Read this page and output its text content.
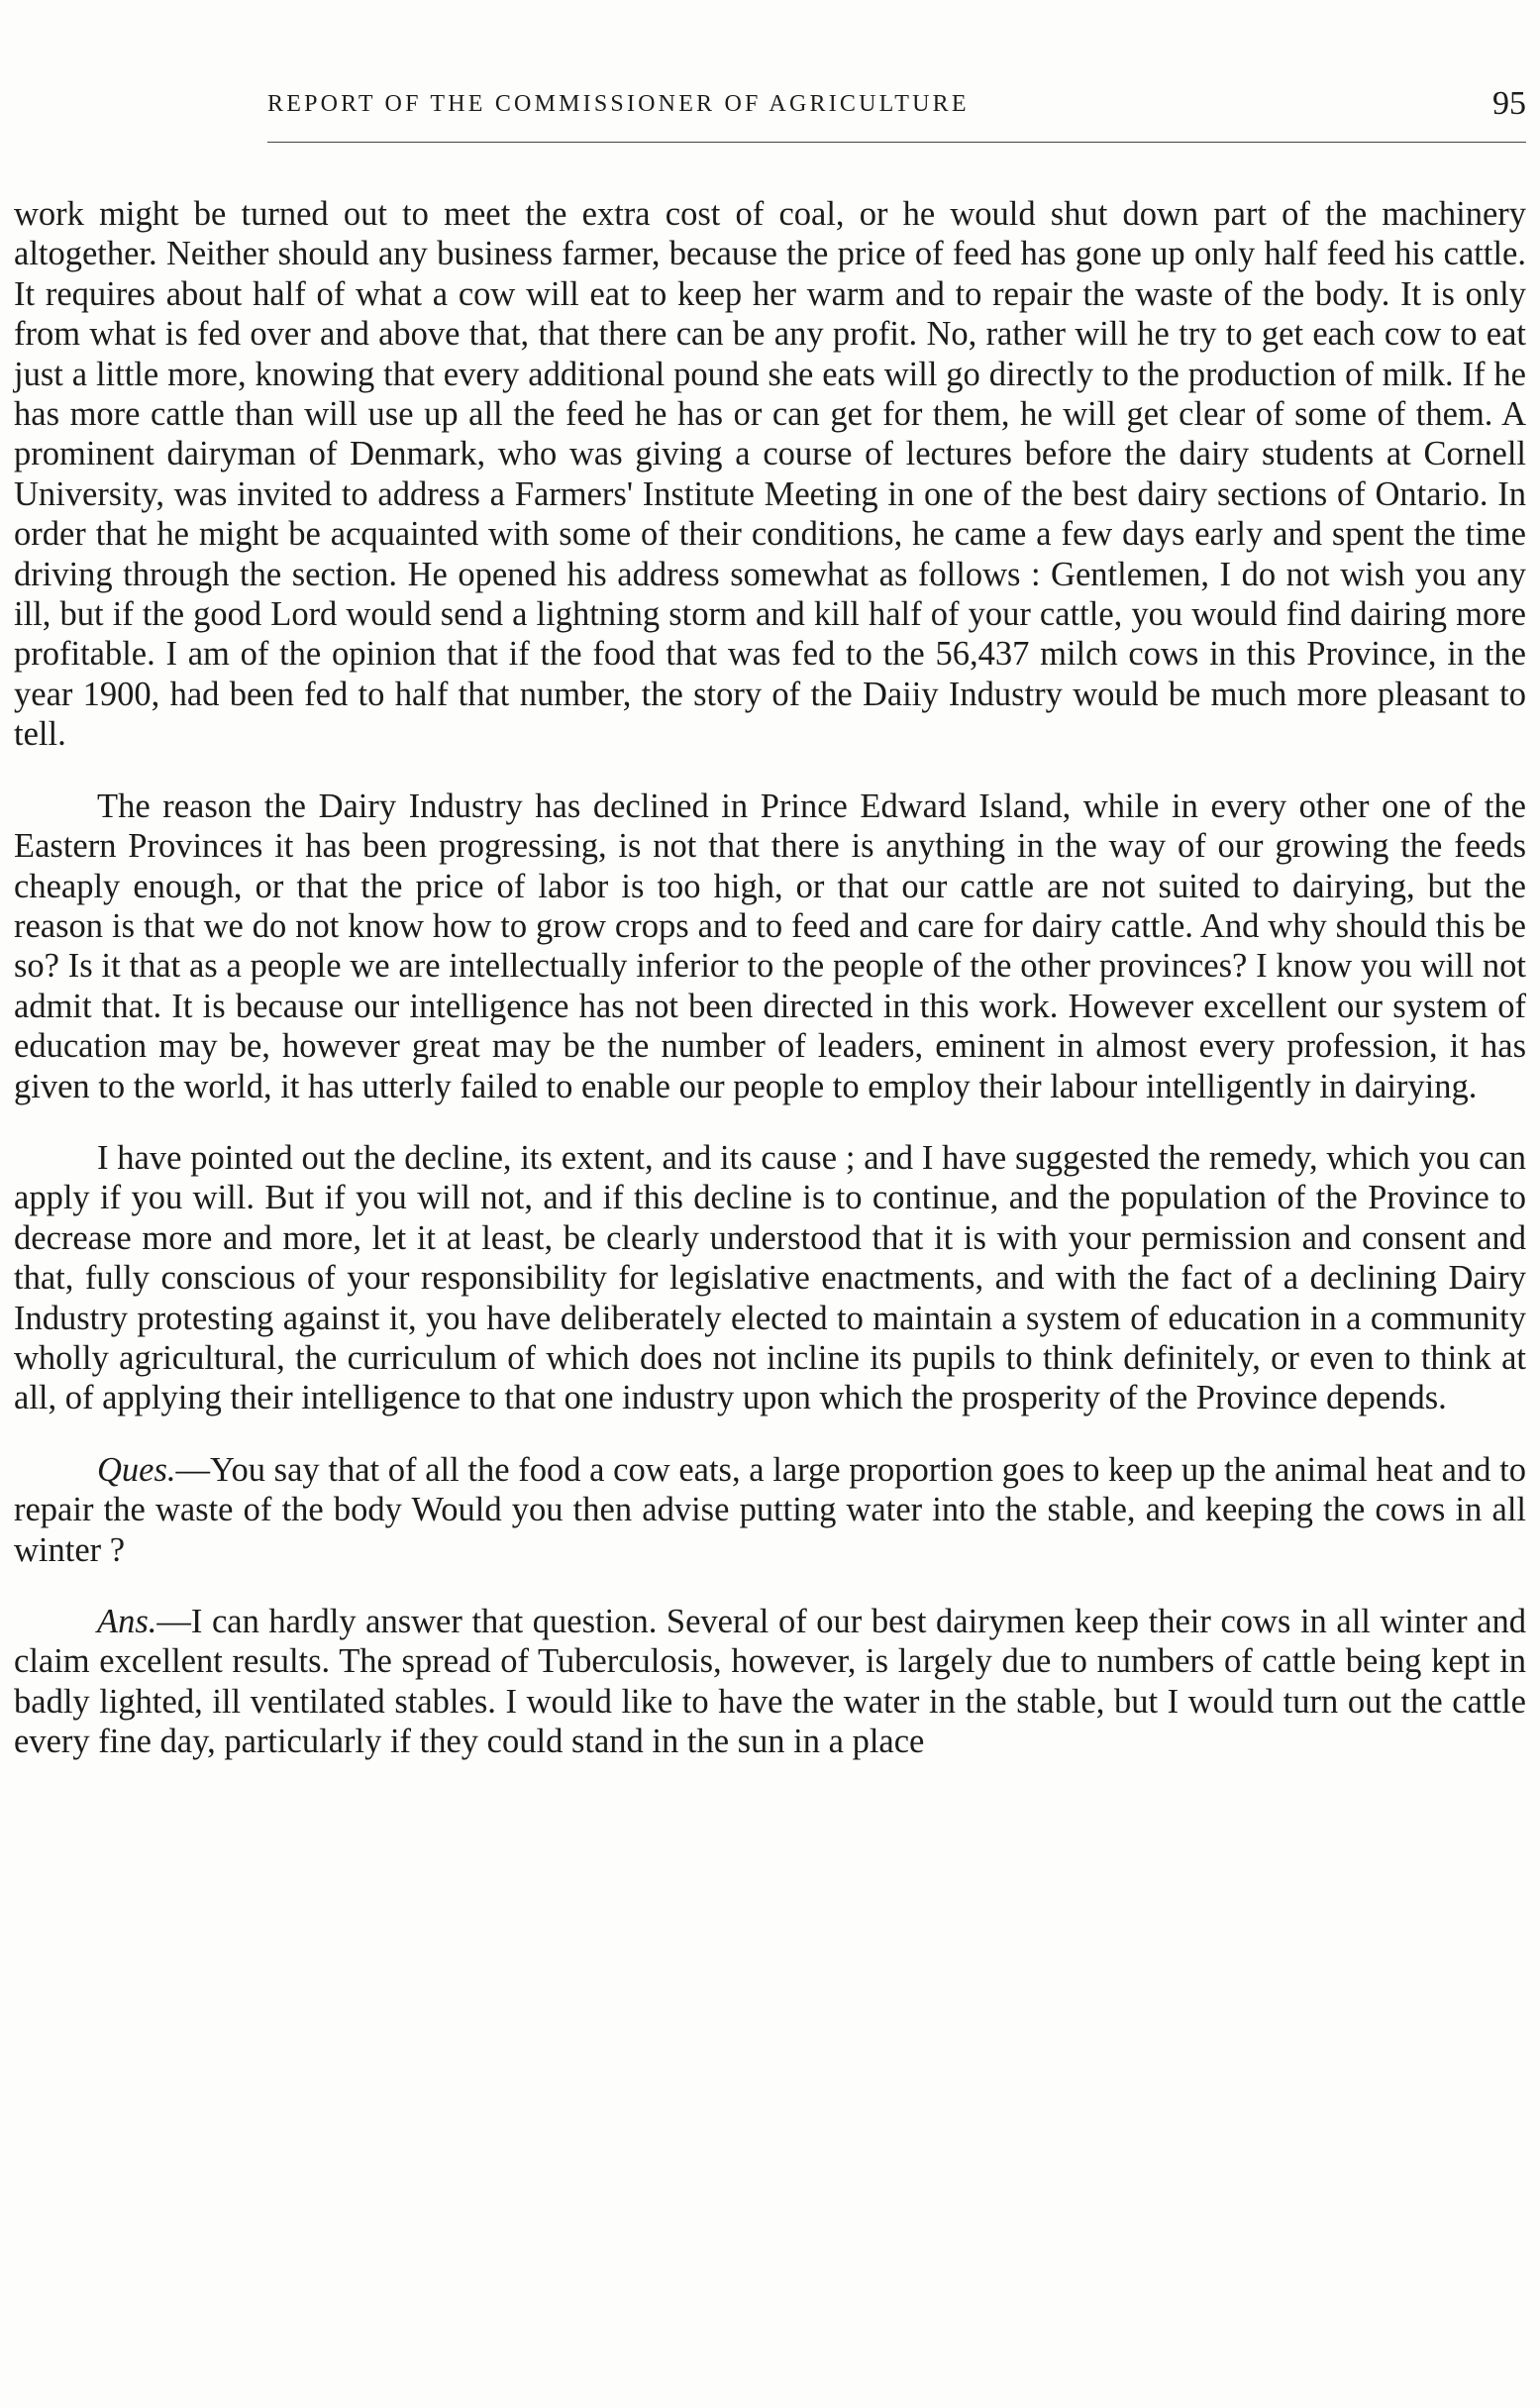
REPORT OF THE COMMISSIONER OF AGRICULTURE	95

work might be turned out to meet the extra cost of coal, or he would shut down part of the machinery altogether. Neither should any business farmer, because the price of feed has gone up only half feed his cattle. It requires about half of what a cow will eat to keep her warm and to repair the waste of the body. It is only from what is fed over and above that, that there can be any profit. No, rather will he try to get each cow to eat just a little more, knowing that every additional pound she eats will go directly to the production of milk. If he has more cattle than will use up all the feed he has or can get for them, he will get clear of some of them. A prominent dairyman of Denmark, who was giving a course of lectures before the dairy students at Cornell University, was invited to address a Farmers' Institute Meeting in one of the best dairy sections of Ontario. In order that he might be acquainted with some of their conditions, he came a few days early and spent the time driving through the section. He opened his address somewhat as follows : Gentlemen, I do not wish you any ill, but if the good Lord would send a lightning storm and kill half of your cattle, you would find dairing more profitable. I am of the opinion that if the food that was fed to the 56,437 milch cows in this Province, in the year 1900, had been fed to half that number, the story of the Daiiy Industry would be much more pleasant to tell.

The reason the Dairy Industry has declined in Prince Edward Island, while in every other one of the Eastern Provinces it has been progressing, is not that there is anything in the way of our growing the feeds cheaply enough, or that the price of labor is too high, or that our cattle are not suited to dairying, but the reason is that we do not know how to grow crops and to feed and care for dairy cattle. And why should this be so? Is it that as a people we are intellectually inferior to the people of the other provinces? I know you will not admit that. It is because our intelligence has not been directed in this work. However excellent our system of education may be, however great may be the number of leaders, eminent in almost every profession, it has given to the world, it has utterly failed to enable our people to employ their labour intelligently in dairying.

I have pointed out the decline, its extent, and its cause ; and I have suggested the remedy, which you can apply if you will. But if you will not, and if this decline is to continue, and the population of the Province to decrease more and more, let it at least, be clearly understood that it is with your permission and consent and that, fully conscious of your responsibility for legislative enactments, and with the fact of a declining Dairy Industry protesting against it, you have deliberately elected to maintain a system of education in a community wholly agricultural, the curriculum of which does not incline its pupils to think definitely, or even to think at all, of applying their intelligence to that one industry upon which the prosperity of the Province depends.

Ques.—You say that of all the food a cow eats, a large proportion goes to keep up the animal heat and to repair the waste of the body Would you then advise putting water into the stable, and keeping the cows in all winter ?

Ans.—I can hardly answer that question. Several of our best dairymen keep their cows in all winter and claim excellent results. The spread of Tuberculosis, however, is largely due to numbers of cattle being kept in badly lighted, ill ventilated stables. I would like to have the water in the stable, but I would turn out the cattle every fine day, particularly if they could stand in the sun in a place
